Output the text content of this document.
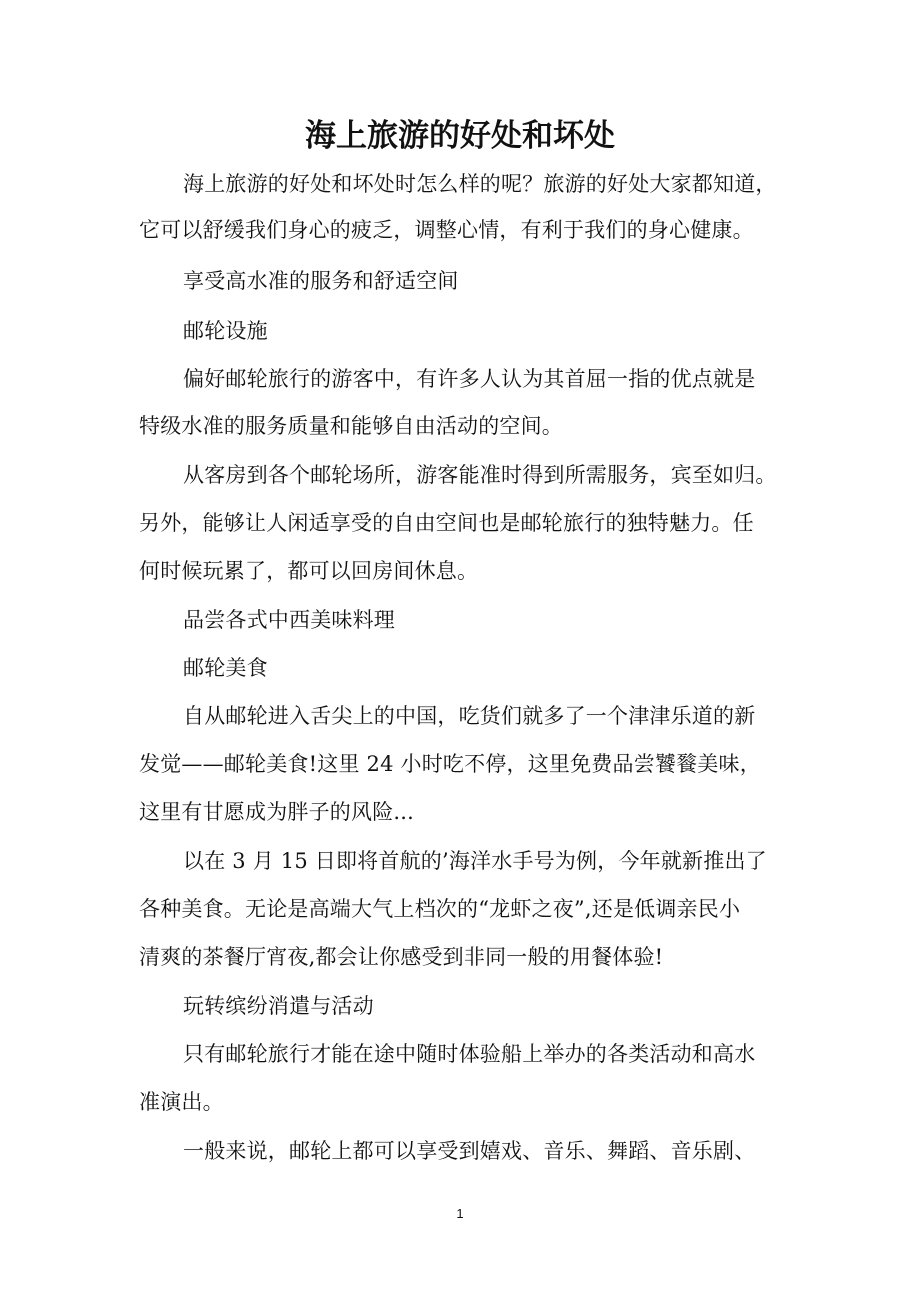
海上旅游的好处和坏处
海上旅游的好处和坏处时怎么样的呢？旅游的好处大家都知道，
它可以舒缓我们身心的疲乏，调整心情，有利于我们的身心健康。
享受高水准的服务和舒适空间
邮轮设施
偏好邮轮旅行的游客中，有许多人认为其首屈一指的优点就是
特级水准的服务质量和能够自由活动的空间。
从客房到各个邮轮场所，游客能准时得到所需服务，宾至如归。
另外，能够让人闲适享受的自由空间也是邮轮旅行的独特魅力。任
何时候玩累了，都可以回房间休息。
品尝各式中西美味料理
邮轮美食
自从邮轮进入舌尖上的中国，吃货们就多了一个津津乐道的新
发觉——邮轮美食!这里 24 小时吃不停，这里免费品尝饕餮美味，
这里有甘愿成为胖子的风险...
以在 3 月 15 日即将首航的’海洋水手号为例，今年就新推出了
各种美食。无论是高端大气上档次的“龙虾之夜”,还是低调亲民小
清爽的茶餐厅宵夜,都会让你感受到非同一般的用餐体验!
玩转缤纷消遣与活动
只有邮轮旅行才能在途中随时体验船上举办的各类活动和高水
准演出。
一般来说，邮轮上都可以享受到嬉戏、音乐、舞蹈、音乐剧、
1
